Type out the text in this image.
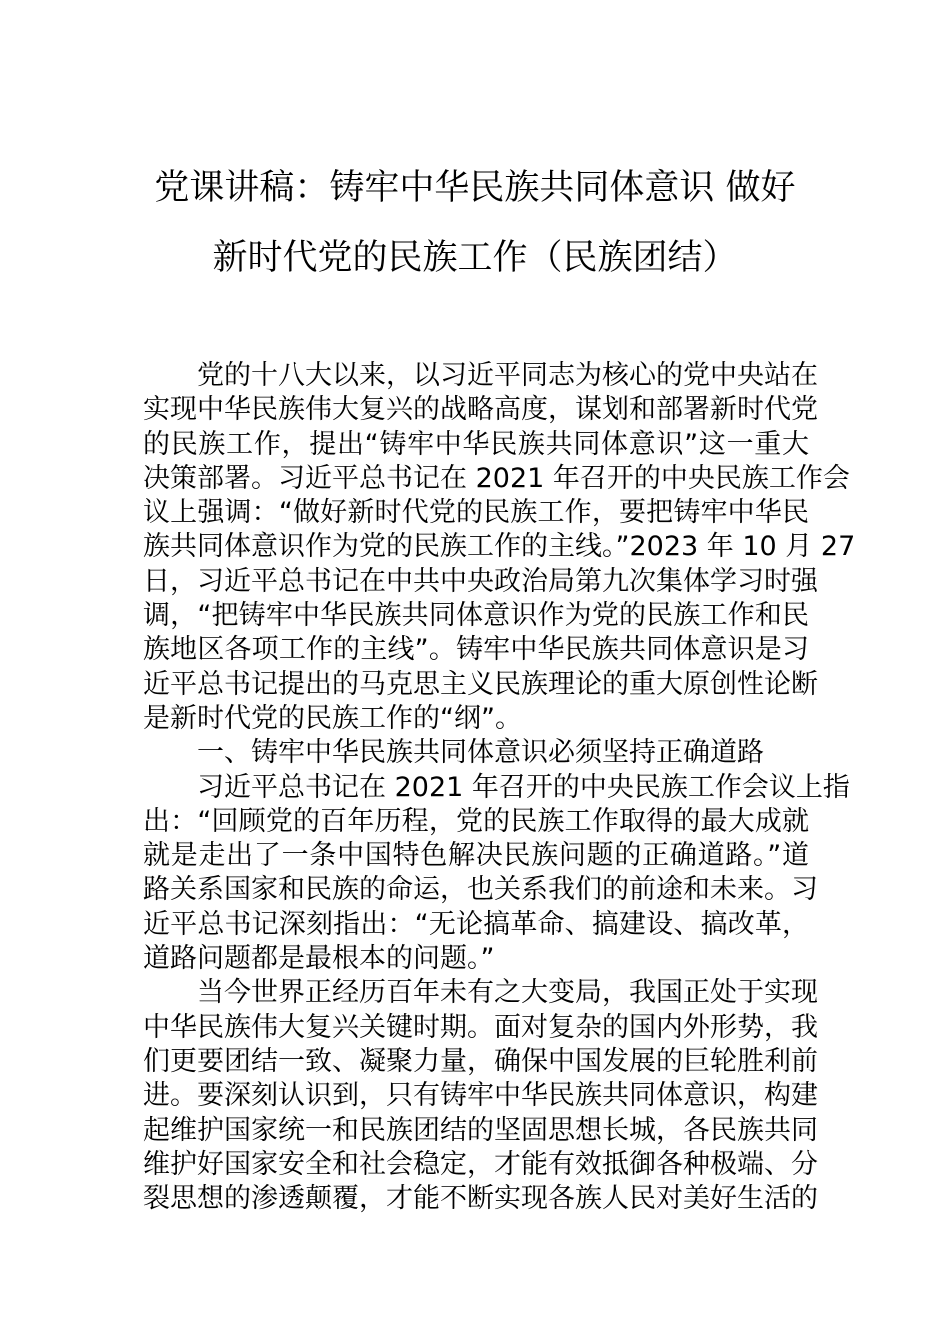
党课讲稿：铸牢中华民族共同体意识 做好
新时代党的民族工作（民族团结）
党的十八大以来，以习近平同志为核心的党中央站在
实现中华民族伟大复兴的战略高度，谋划和部署新时代党
的民族工作，提出“铸牢中华民族共同体意识”这一重大
决策部署。习近平总书记在 2021 年召开的中央民族工作会
议上强调：“做好新时代党的民族工作，要把铸牢中华民
族共同体意识作为党的民族工作的主线。”2023 年 10 月 27
日，习近平总书记在中共中央政治局第九次集体学习时强
调，“把铸牢中华民族共同体意识作为党的民族工作和民
族地区各项工作的主线”。铸牢中华民族共同体意识是习
近平总书记提出的马克思主义民族理论的重大原创性论断
是新时代党的民族工作的“纲”。
一、铸牢中华民族共同体意识必须坚持正确道路
习近平总书记在 2021 年召开的中央民族工作会议上指
出：“回顾党的百年历程，党的民族工作取得的最大成就
就是走出了一条中国特色解决民族问题的正确道路。”道
路关系国家和民族的命运，也关系我们的前途和未来。习
近平总书记深刻指出：“无论搞革命、搞建设、搞改革，
道路问题都是最根本的问题。”
当今世界正经历百年未有之大变局，我国正处于实现
中华民族伟大复兴关键时期。面对复杂的国内外形势，我
们更要团结一致、凝聚力量，确保中国发展的巨轮胜利前
进。要深刻认识到，只有铸牢中华民族共同体意识，构建
起维护国家统一和民族团结的坚固思想长城，各民族共同
维护好国家安全和社会稳定，才能有效抵御各种极端、分
裂思想的渗透颠覆，才能不断实现各族人民对美好生活的
